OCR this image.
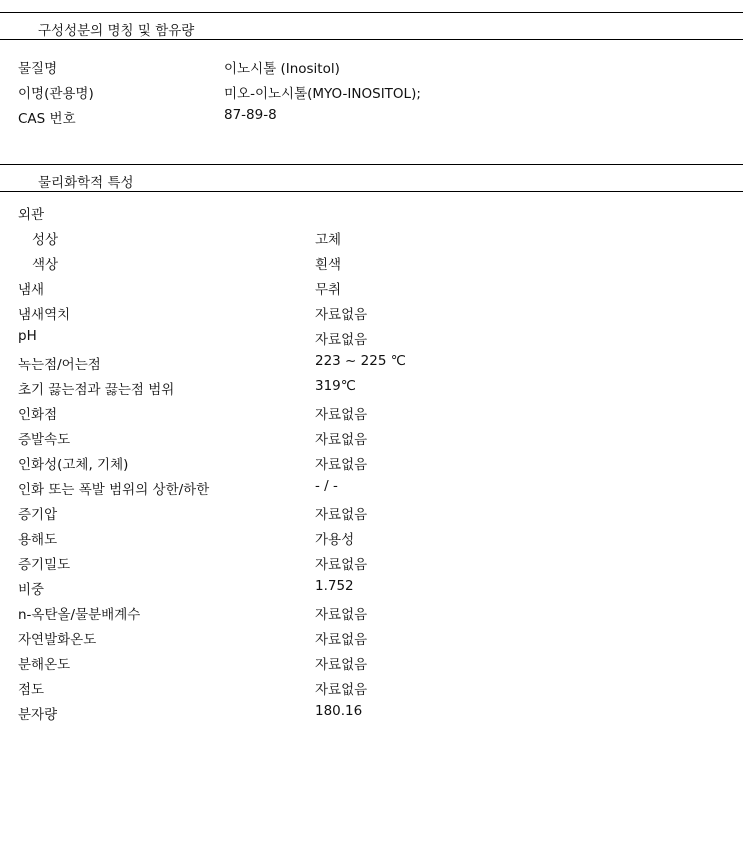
구성성분의 명칭 및 함유량
물질명	이노시톨 (Inositol)
이명(관용명)	미오-이노시톨(MYO-INOSITOL);
CAS 번호	87-89-8
물리화학적 특성
외관
성상	고체
색상	흰색
냄새	무취
냄새역치	자료없음
pH	자료없음
녹는점/어는점	223 ~ 225 ℃
초기 끓는점과 끓는점 범위	319℃
인화점	자료없음
증발속도	자료없음
인화성(고체, 기체)	자료없음
인화 또는 폭발 범위의 상한/하한	- / -
증기압	자료없음
용해도	가용성
증기밀도	자료없음
비중	1.752
n-옥탄올/물분배계수	자료없음
자연발화온도	자료없음
분해온도	자료없음
점도	자료없음
분자량	180.16
